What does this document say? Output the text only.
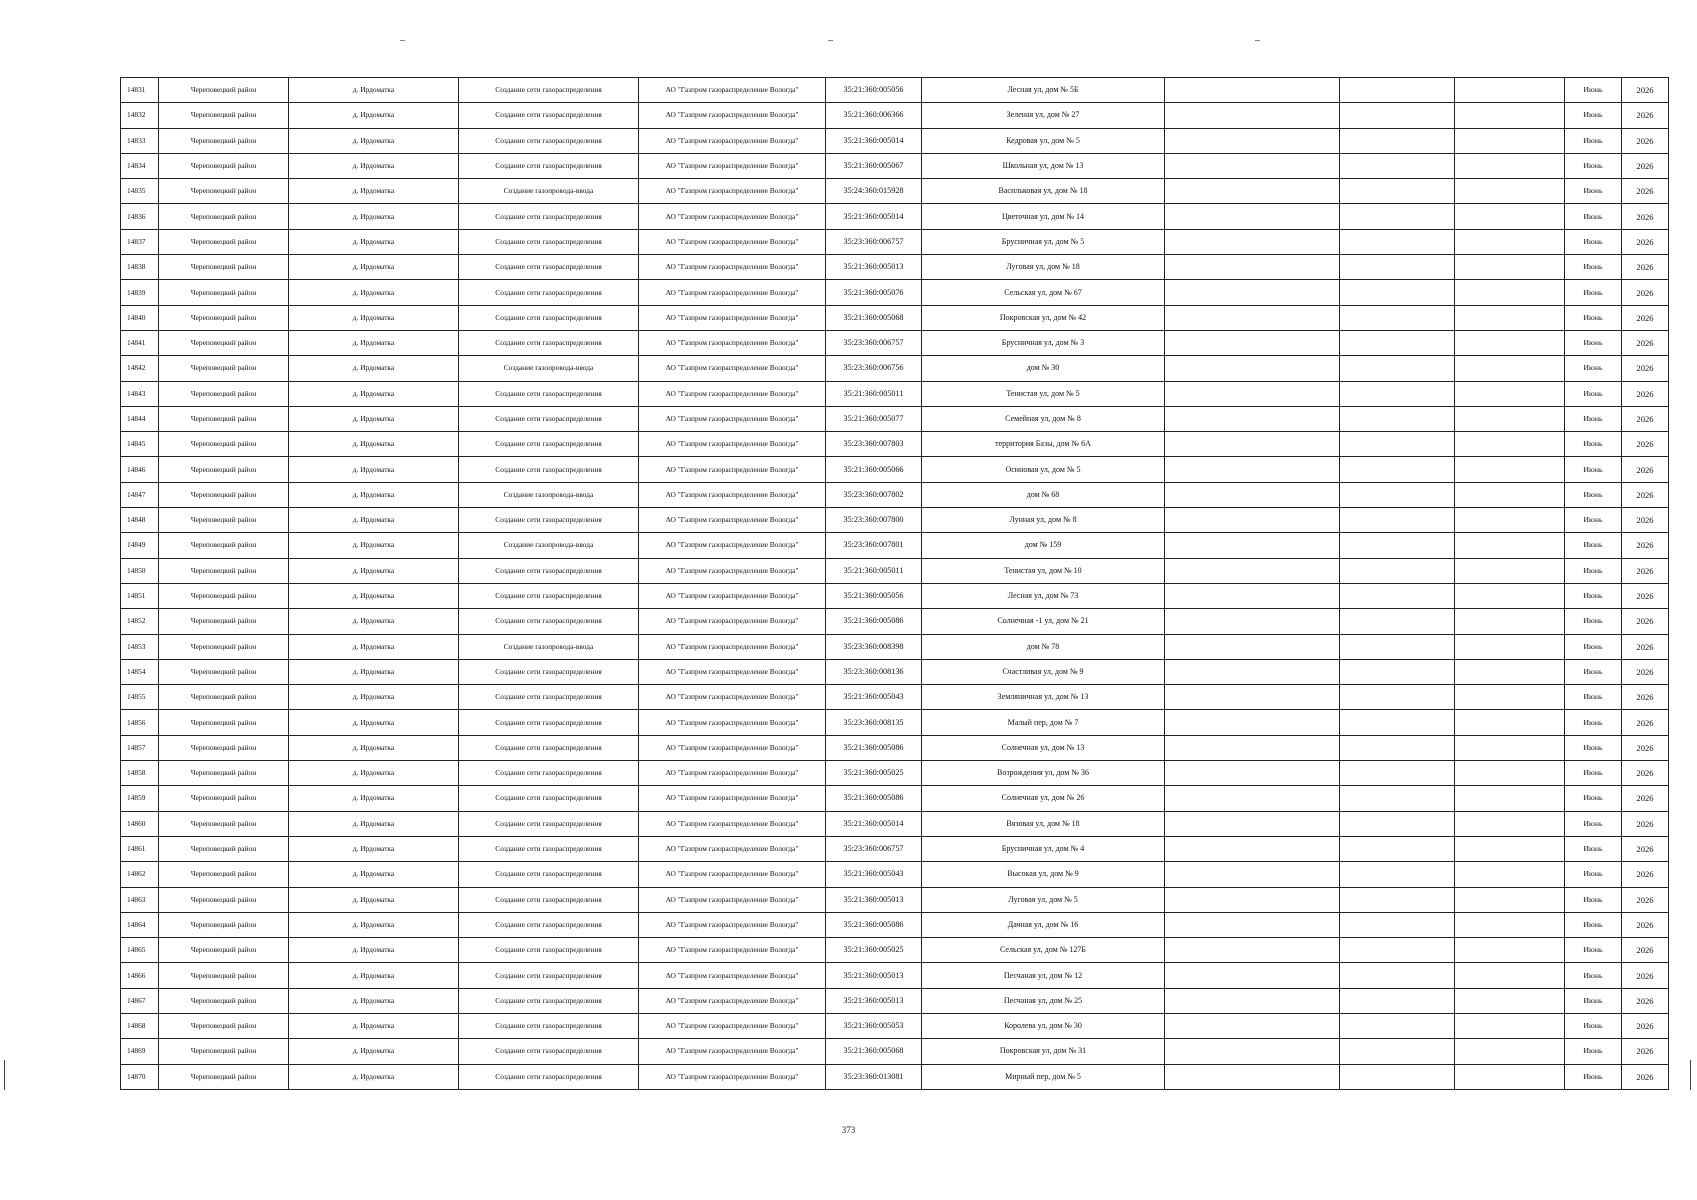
14831	Череповецкий район	д. Ирдоматка	Создание сети газораспределения	АО "Газпром газораспределение Вологда"	35:21:360:005056	Лесная ул, дом № 5Б				Июнь	2026
14832	Череповецкий район	д. Ирдоматка	Создание сети газораспределения	АО "Газпром газораспределение Вологда"	35:21:360:006366	Зеленая ул, дом № 27				Июнь	2026
14833	Череповецкий район	д. Ирдоматка	Создание сети газораспределения	АО "Газпром газораспределение Вологда"	35:21:360:005014	Кедровая ул, дом № 5				Июнь	2026
14834	Череповецкий район	д. Ирдоматка	Создание сети газораспределения	АО "Газпром газораспределение Вологда"	35:21:360:005067	Школьная ул, дом № 13				Июнь	2026
14835	Череповецкий район	д. Ирдоматка	Создание газопровода-ввода	АО "Газпром газораспределение Вологда"	35:24:360:015928	Васильковая ул, дом № 18				Июнь	2026
14836	Череповецкий район	д. Ирдоматка	Создание сети газораспределения	АО "Газпром газораспределение Вологда"	35:21:360:005014	Цветочная ул, дом № 14				Июнь	2026
14837	Череповецкий район	д. Ирдоматка	Создание сети газораспределения	АО "Газпром газораспределение Вологда"	35:23:360:006757	Брусничная ул, дом № 5				Июнь	2026
14838	Череповецкий район	д. Ирдоматка	Создание сети газораспределения	АО "Газпром газораспределение Вологда"	35:21:360:005013	Луговая ул, дом № 18				Июнь	2026
14839	Череповецкий район	д. Ирдоматка	Создание сети газораспределения	АО "Газпром газораспределение Вологда"	35:21:360:005076	Сельская ул, дом № 67				Июнь	2026
14840	Череповецкий район	д. Ирдоматка	Создание сети газораспределения	АО "Газпром газораспределение Вологда"	35:21:360:005068	Покровская ул, дом № 42				Июнь	2026
14841	Череповецкий район	д. Ирдоматка	Создание сети газораспределения	АО "Газпром газораспределение Вологда"	35:23:360:006757	Брусничная ул, дом № 3				Июнь	2026
14842	Череповецкий район	д. Ирдоматка	Создание газопровода-ввода	АО "Газпром газораспределение Вологда"	35:23:360:006756	дом № 30				Июнь	2026
14843	Череповецкий район	д. Ирдоматка	Создание сети газораспределения	АО "Газпром газораспределение Вологда"	35:21:360:005011	Тенистая ул, дом № 5				Июнь	2026
14844	Череповецкий район	д. Ирдоматка	Создание сети газораспределения	АО "Газпром газораспределение Вологда"	35:21:360:005077	Семейная ул, дом № 8				Июнь	2026
14845	Череповецкий район	д. Ирдоматка	Создание сети газораспределения	АО "Газпром газораспределение Вологда"	35:23:360:007803	территория Базы, дом № 6А				Июнь	2026
14846	Череповецкий район	д. Ирдоматка	Создание сети газораспределения	АО "Газпром газораспределение Вологда"	35:21:360:005066	Осиновая ул, дом № 5				Июнь	2026
14847	Череповецкий район	д. Ирдоматка	Создание газопровода-ввода	АО "Газпром газораспределение Вологда"	35:23:360:007802	дом № 68				Июнь	2026
14848	Череповецкий район	д. Ирдоматка	Создание сети газораспределения	АО "Газпром газораспределение Вологда"	35:23:360:007800	Лунная ул, дом № 8				Июнь	2026
14849	Череповецкий район	д. Ирдоматка	Создание газопровода-ввода	АО "Газпром газораспределение Вологда"	35:23:360:007801	дом № 159				Июнь	2026
14850	Череповецкий район	д. Ирдоматка	Создание сети газораспределения	АО "Газпром газораспределение Вологда"	35:21:360:005011	Тенистая ул, дом № 10				Июнь	2026
14851	Череповецкий район	д. Ирдоматка	Создание сети газораспределения	АО "Газпром газораспределение Вологда"	35:21:360:005056	Лесная ул, дом № 73				Июнь	2026
14852	Череповецкий район	д. Ирдоматка	Создание сети газораспределения	АО "Газпром газораспределение Вологда"	35:21:360:005086	Солнечная -1 ул, дом № 21				Июнь	2026
14853	Череповецкий район	д. Ирдоматка	Создание газопровода-ввода	АО "Газпром газораспределение Вологда"	35:23:360:008398	дом № 78				Июнь	2026
14854	Череповецкий район	д. Ирдоматка	Создание сети газораспределения	АО "Газпром газораспределение Вологда"	35:23:360:008136	Счастливая ул, дом № 9				Июнь	2026
14855	Череповецкий район	д. Ирдоматка	Создание сети газораспределения	АО "Газпром газораспределение Вологда"	35:21:360:005043	Земляничная ул, дом № 13				Июнь	2026
14856	Череповецкий район	д. Ирдоматка	Создание сети газораспределения	АО "Газпром газораспределение Вологда"	35:23:360:008135	Малый пер, дом № 7				Июнь	2026
14857	Череповецкий район	д. Ирдоматка	Создание сети газораспределения	АО "Газпром газораспределение Вологда"	35:21:360:005086	Солнечная ул, дом № 13				Июнь	2026
14858	Череповецкий район	д. Ирдоматка	Создание сети газораспределения	АО "Газпром газораспределение Вологда"	35:21:360:005025	Возрождения ул, дом № 36				Июнь	2026
14859	Череповецкий район	д. Ирдоматка	Создание сети газораспределения	АО "Газпром газораспределение Вологда"	35:21:360:005086	Солнечная ул, дом № 26				Июнь	2026
14860	Череповецкий район	д. Ирдоматка	Создание сети газораспределения	АО "Газпром газораспределение Вологда"	35:21:360:005014	Вязовая ул, дом № 18				Июнь	2026
14861	Череповецкий район	д. Ирдоматка	Создание сети газораспределения	АО "Газпром газораспределение Вологда"	35:23:360:006757	Брусничная ул, дом № 4				Июнь	2026
14862	Череповецкий район	д. Ирдоматка	Создание сети газораспределения	АО "Газпром газораспределение Вологда"	35:21:360:005043	Высокая ул, дом № 9				Июнь	2026
14863	Череповецкий район	д. Ирдоматка	Создание сети газораспределения	АО "Газпром газораспределение Вологда"	35:21:360:005013	Луговая ул, дом № 5				Июнь	2026
14864	Череповецкий район	д. Ирдоматка	Создание сети газораспределения	АО "Газпром газораспределение Вологда"	35:21:360:005086	Дачная ул, дом № 16				Июнь	2026
14865	Череповецкий район	д. Ирдоматка	Создание сети газораспределения	АО "Газпром газораспределение Вологда"	35:21:360:005025	Сельская ул, дом № 127Б				Июнь	2026
14866	Череповецкий район	д. Ирдоматка	Создание сети газораспределения	АО "Газпром газораспределение Вологда"	35:21:360:005013	Песчаная ул, дом № 12				Июнь	2026
14867	Череповецкий район	д. Ирдоматка	Создание сети газораспределения	АО "Газпром газораспределение Вологда"	35:21:360:005013	Песчаная ул, дом № 25				Июнь	2026
14868	Череповецкий район	д. Ирдоматка	Создание сети газораспределения	АО "Газпром газораспределение Вологда"	35:21:360:005053	Королева ул, дом № 30				Июнь	2026
14869	Череповецкий район	д. Ирдоматка	Создание сети газораспределения	АО "Газпром газораспределение Вологда"	35:21:360:005068	Покровская ул, дом № 31				Июнь	2026
14870	Череповецкий район	д. Ирдоматка	Создание сети газораспределения	АО "Газпром газораспределение Вологда"	35:23:360:013081	Мирный пер, дом № 5				Июнь	2026
373
